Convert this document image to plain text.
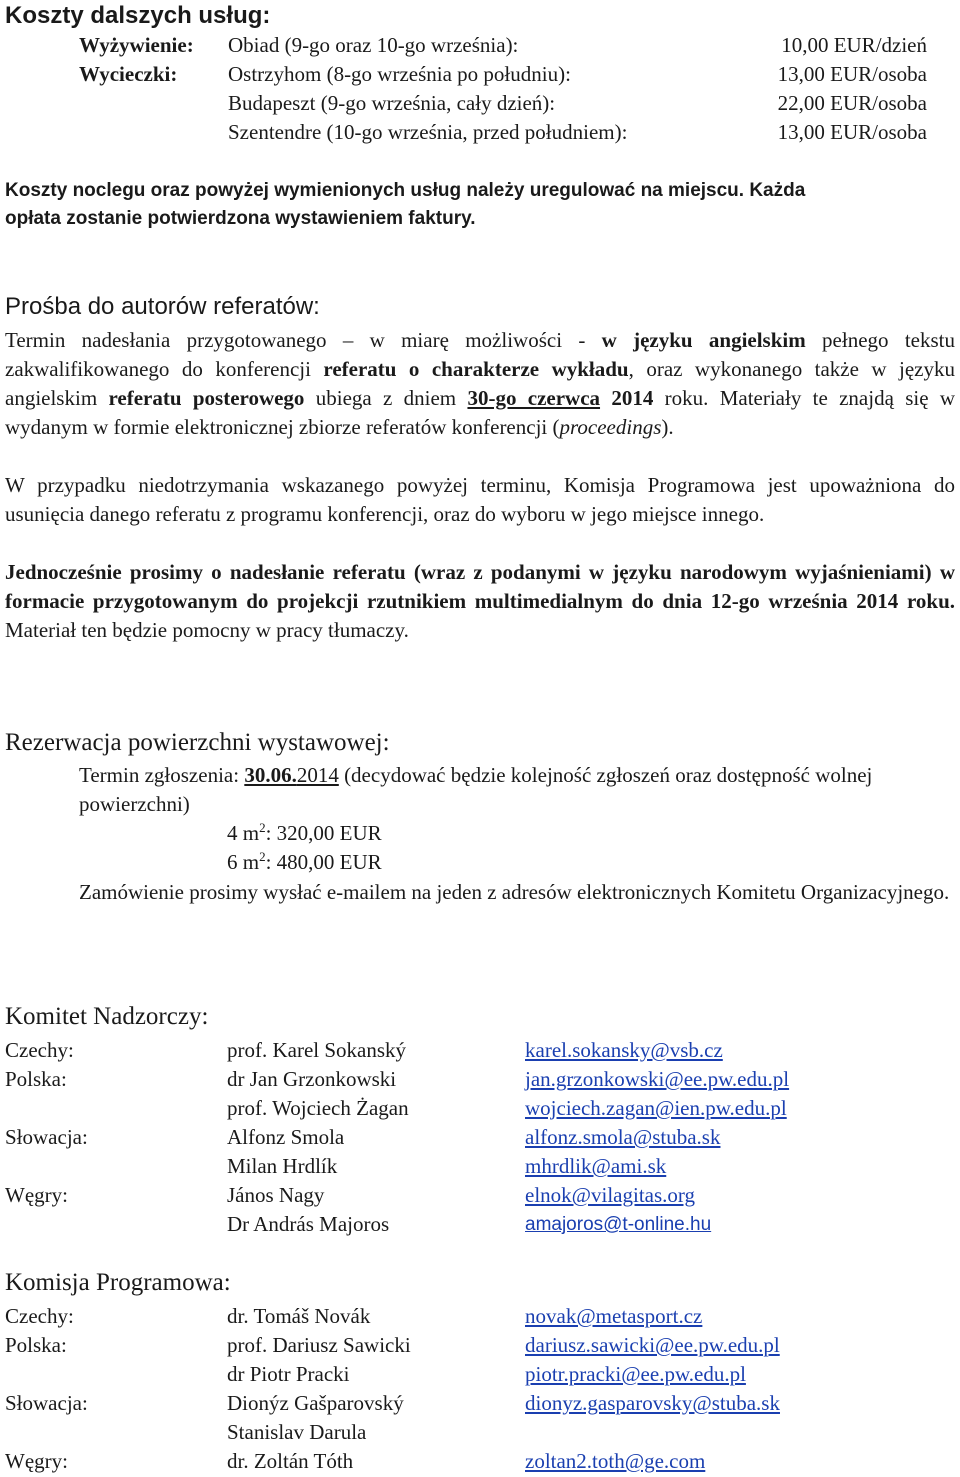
Koszty dalszych usług:
Wyżywienie: Obiad (9-go oraz 10-go września):	10,00 EUR/dzień
Wycieczki: Ostrzyhom (8-go września po południu):	13,00 EUR/osoba
Budapeszt (9-go września, cały dzień):	22,00 EUR/osoba
Szentendre (10-go września, przed południem):	13,00 EUR/osoba
Koszty noclegu oraz powyżej wymienionych usług należy uregulować na miejscu. Każda
opłata zostanie potwierdzona wystawieniem faktury.
Prośba do autorów referatów:
Termin nadesłania przygotowanego – w miarę możliwości - w języku angielskim pełnego tekstu zakwalifikowanego do konferencji referatu o charakterze wykładu, oraz wykonanego także w języku angielskim referatu posterowego ubiega z dniem 30-go czerwca 2014 roku. Materiały te znajdą się w wydanym w formie elektronicznej zbiorze referatów konferencji (proceedings).
W przypadku niedotrzymania wskazanego powyżej terminu, Komisja Programowa jest upoważniona do usunięcia danego referatu z programu konferencji, oraz do wyboru w jego miejsce innego.
Jednocześnie prosimy o nadesłanie referatu (wraz z podanymi w języku narodowym wyjaśnieniami) w formacie przygotowanym do projekcji rzutnikiem multimedialnym do dnia 12-go września 2014 roku. Materiał ten będzie pomocny w pracy tłumaczy.
Rezerwacja powierzchni wystawowej:
Termin zgłoszenia: 30.06.2014 (decydować będzie kolejność zgłoszeń oraz dostępność wolnej powierzchni)
4 $m^2$: 320,00 EUR
6 $m^2$: 480,00 EUR
Zamówienie prosimy wysłać e-mailem na jeden z adresów elektronicznych Komitetu Organizacyjnego.
Komitet Nadzorczy:
Czechy:	prof. Karel Sokanský	karel.sokansky@vsb.cz
Polska:	dr Jan Grzonkowski	jan.grzonkowski@ee.pw.edu.pl
prof. Wojciech Żagan	wojciech.zagan@ien.pw.edu.pl
Słowacja:	Alfonz Smola	alfonz.smola@stuba.sk
Milan Hrdlík	mhrdlik@ami.sk
Węgry:	János Nagy	elnok@vilagitas.org
Dr András Majoros	amajoros@t-online.hu
Komisja Programowa:
Czechy:	dr. Tomáš Novák	novak@metasport.cz
Polska:	prof. Dariusz Sawicki	dariusz.sawicki@ee.pw.edu.pl
dr Piotr Pracki	piotr.pracki@ee.pw.edu.pl
Słowacja:	Dionýz Gašparovský	dionyz.gasparovsky@stuba.sk
Stanislav Darula
Węgry:	dr. Zoltán Tóth	zoltan2.toth@ge.com
